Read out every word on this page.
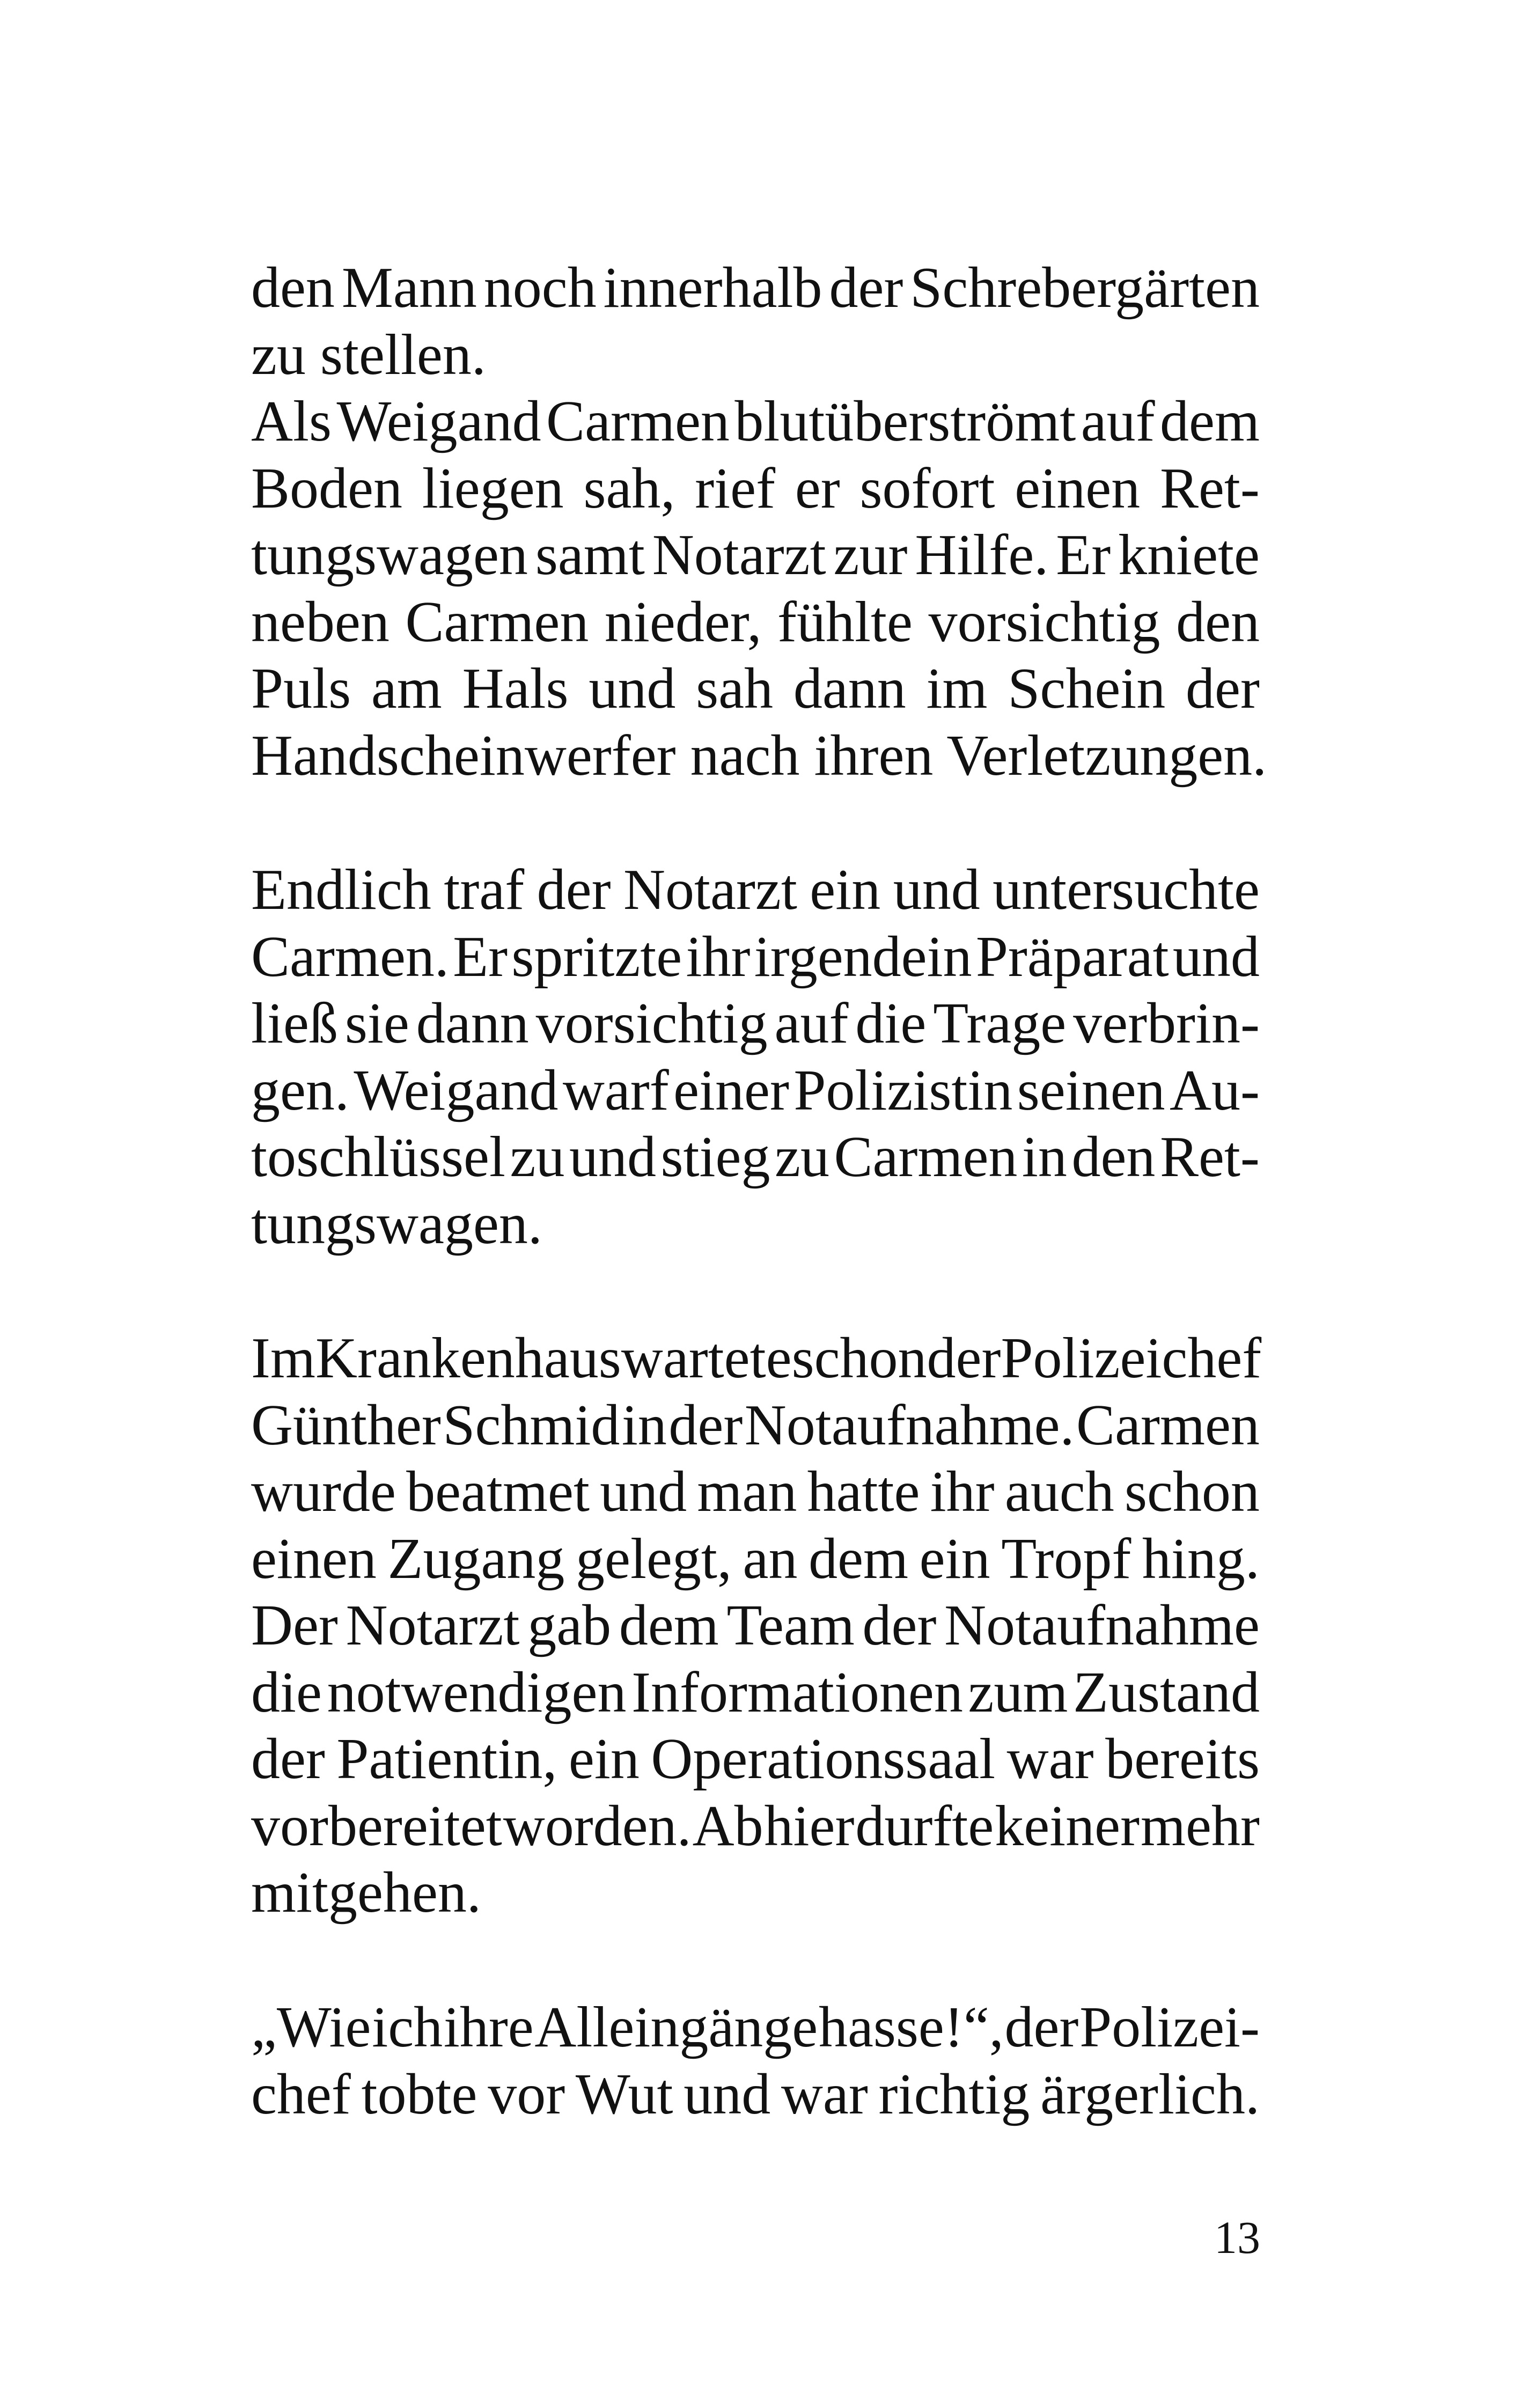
den Mann noch innerhalb der Schrebergärten
zu stellen.
Als Weigand Carmen blutüberströmt auf dem
Boden liegen sah, rief er sofort einen Ret-
tungswagen samt Notarzt zur Hilfe. Er kniete
neben Carmen nieder, fühlte vorsichtig den
Puls am Hals und sah dann im Schein der
Handscheinwerfer nach ihren Verletzungen.
Endlich traf der Notarzt ein und untersuchte
Carmen. Er spritzte ihr irgendein Präparat und
ließ sie dann vorsichtig auf die Trage verbrin-
gen. Weigand warf einer Polizistin seinen Au-
toschlüssel zu und stieg zu Carmen in den Ret-
tungswagen.
Im Krankenhaus wartete schon der Polizeichef
Günther Schmid in der Notaufnahme. Carmen
wurde beatmet und man hatte ihr auch schon
einen Zugang gelegt, an dem ein Tropf hing.
Der Notarzt gab dem Team der Notaufnahme
die notwendigen Informationen zum Zustand
der Patientin, ein Operationssaal war bereits
vorbereitet worden. Ab hier durfte keiner mehr
mitgehen.
„Wie ich ihre Alleingänge hasse!“, der Polizei-
chef tobte vor Wut und war richtig ärgerlich.
13
